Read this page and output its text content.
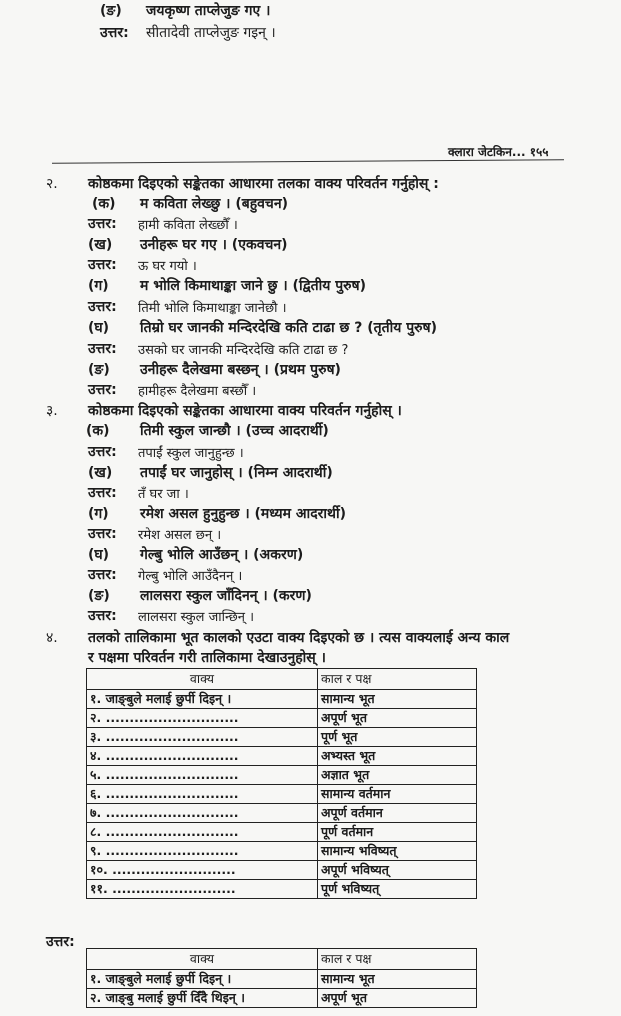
(ङ) जयकृष्ण ताप्लेजुङ गए ।
उत्तर: सीतादेवी ताप्लेजुङ गइन् ।
क्लारा जेटकिन... १५५
२. कोष्ठकमा दिइएको सङ्केतका आधारमा तलका वाक्य परिवर्तन गर्नुहोस् :
(क) म कविता लेख्छु । (बहुवचन)
उत्तर: हामी कविता लेख्छौँ ।
(ख) उनीहरू घर गए । (एकवचन)
उत्तर: ऊ घर गयो ।
(ग) म भोलि किमाथाङ्का जाने छु । (द्वितीय पुरुष)
उत्तर: तिमी भोलि किमाथाङ्का जानेछौ ।
(घ) तिम्रो घर जानकी मन्दिरदेखि कति टाढा छ ? (तृतीय पुरुष)
उत्तर: उसको घर जानकी मन्दिरदेखि कति टाढा छ ?
(ङ) उनीहरू दैलेखमा बस्छन् । (प्रथम पुरुष)
उत्तर: हामीहरू दैलेखमा बस्छौँ ।
३. कोष्ठकमा दिइएको सङ्केतका आधारमा वाक्य परिवर्तन गर्नुहोस् ।
(क) तिमी स्कुल जान्छौ । (उच्च आदरार्थी)
उत्तर: तपाईं स्कुल जानुहुन्छ ।
(ख) तपाईं घर जानुहोस् । (निम्न आदरार्थी)
उत्तर: तँ घर जा ।
(ग) रमेश असल हुनुहुन्छ । (मध्यम आदरार्थी)
उत्तर: रमेश असल छन् ।
(घ) गेल्बु भोलि आउँछन् । (अकरण)
उत्तर: गेल्बु भोलि आउँदैनन् ।
(ङ) लालसरा स्कुल जाँदिनन् । (करण)
उत्तर: लालसरा स्कुल जान्छिन् ।
४. तलको तालिकामा भूत कालको एउटा वाक्य दिइएको छ । त्यस वाक्यलाई अन्य काल
र पक्षमा परिवर्तन गरी तालिकामा देखाउनुहोस् ।
वाक्य	काल र पक्ष
१. जाङ्बुले मलाई छुर्पी दिइन् ।	सामान्य भूत
२. ............................	अपूर्ण भूत
३. ............................	पूर्ण भूत
४. ............................	अभ्यस्त भूत
५. ............................	अज्ञात भूत
६. ............................	सामान्य वर्तमान
७. ............................	अपूर्ण वर्तमान
८. ............................	पूर्ण वर्तमान
९. ............................	सामान्य भविष्यत्
१०. ..........................	अपूर्ण भविष्यत्
११. ..........................	पूर्ण भविष्यत्
उत्तर:
वाक्य	काल र पक्ष
१. जाङ्बुले मलाई छुर्पी दिइन् ।	सामान्य भूत
२. जाङ्बु मलाई छुर्पी दिँदै थिइन् ।	अपूर्ण भूत
